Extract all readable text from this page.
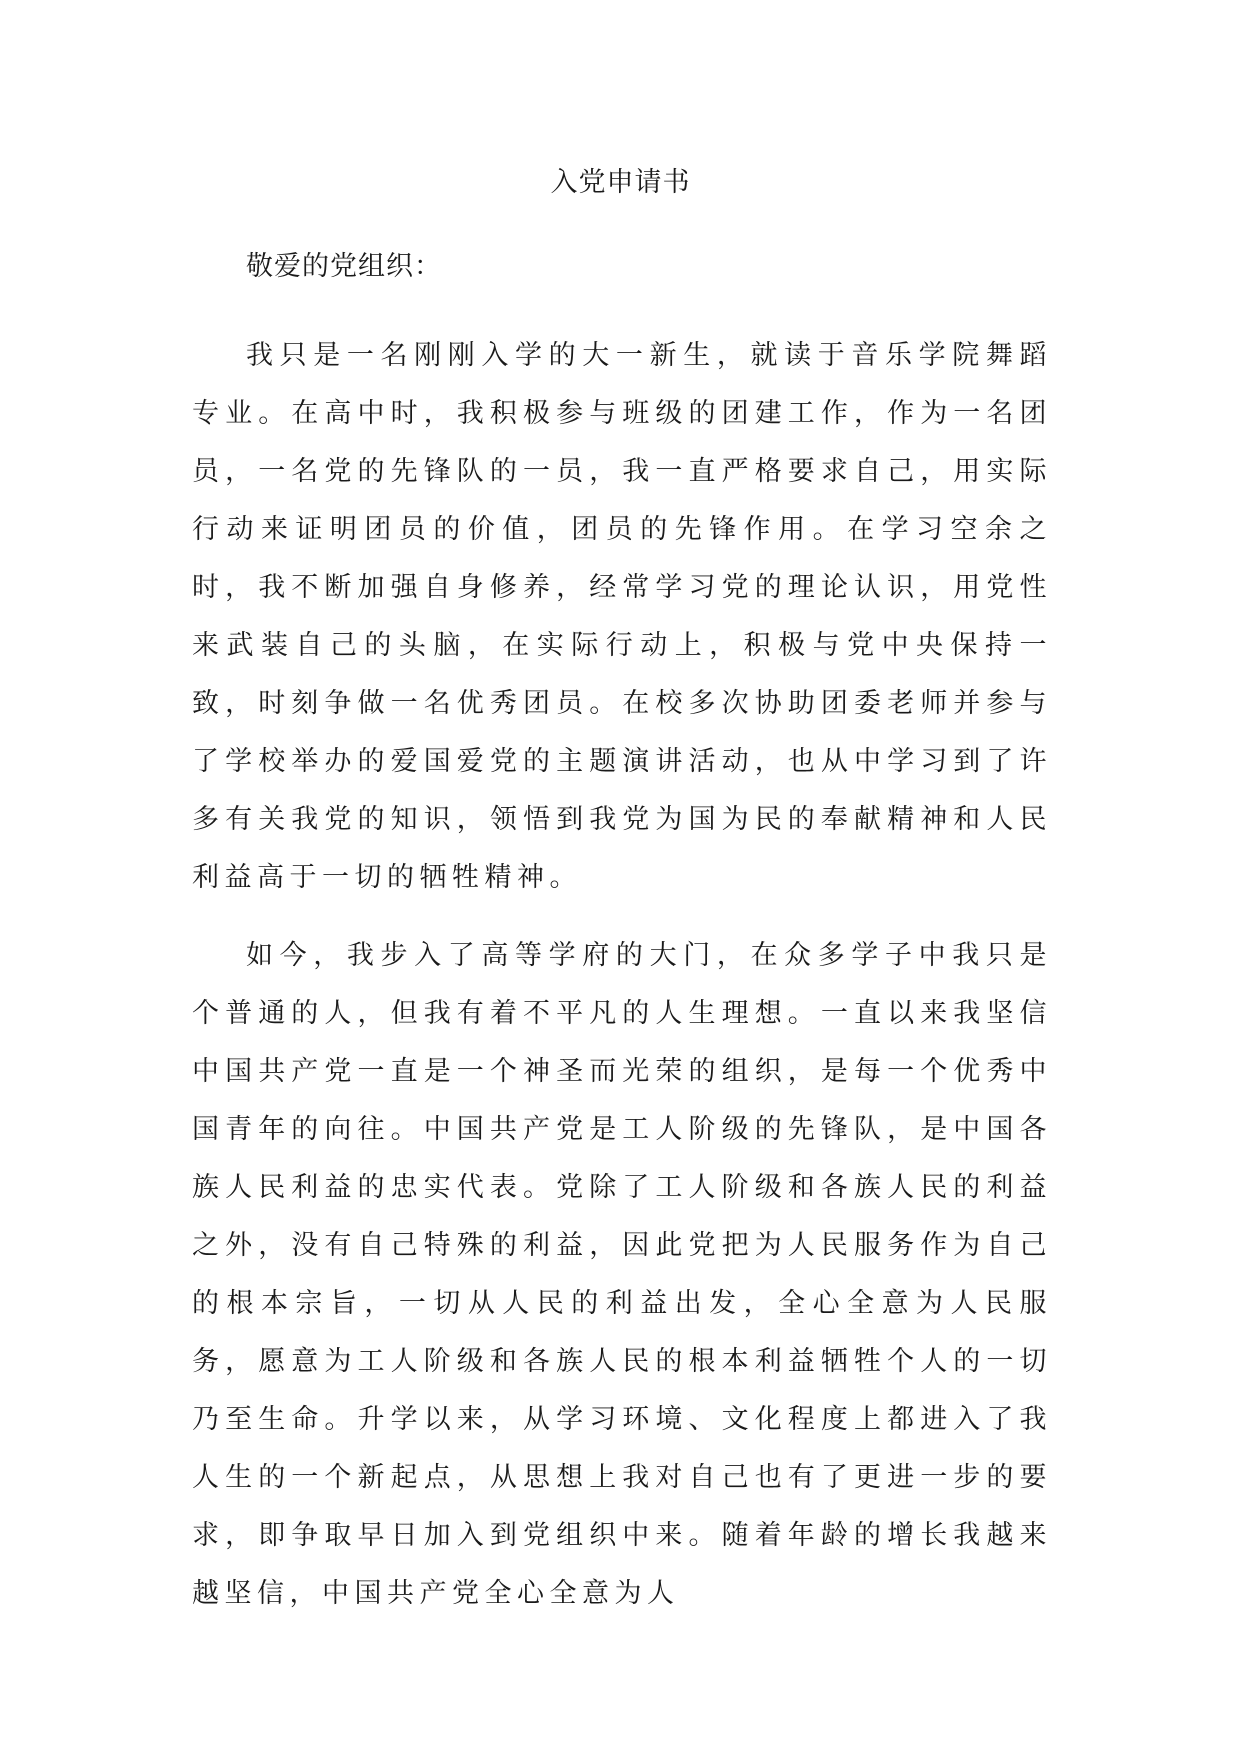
入党申请书

敬爱的党组织：

我只是一名刚刚入学的大一新生，就读于音乐学院舞蹈专业。在高中时，我积极参与班级的团建工作，作为一名团员，一名党的先锋队的一员，我一直严格要求自己，用实际行动来证明团员的价值，团员的先锋作用。在学习空余之时，我不断加强自身修养，经常学习党的理论认识，用党性来武装自己的头脑，在实际行动上，积极与党中央保持一致，时刻争做一名优秀团员。在校多次协助团委老师并参与了学校举办的爱国爱党的主题演讲活动，也从中学习到了许多有关我党的知识，领悟到我党为国为民的奉献精神和人民利益高于一切的牺牲精神。

如今，我步入了高等学府的大门，在众多学子中我只是个普通的人，但我有着不平凡的人生理想。一直以来我坚信中国共产党一直是一个神圣而光荣的组织，是每一个优秀中国青年的向往。中国共产党是工人阶级的先锋队，是中国各族人民利益的忠实代表。党除了工人阶级和各族人民的利益之外，没有自己特殊的利益，因此党把为人民服务作为自己的根本宗旨，一切从人民的利益出发，全心全意为人民服务，愿意为工人阶级和各族人民的根本利益牺牲个人的一切乃至生命。升学以来，从学习环境、文化程度上都进入了我人生的一个新起点，从思想上我对自己也有了更进一步的要求，即争取早日加入到党组织中来。随着年龄的增长我越来越坚信，中国共产党全心全意为人
